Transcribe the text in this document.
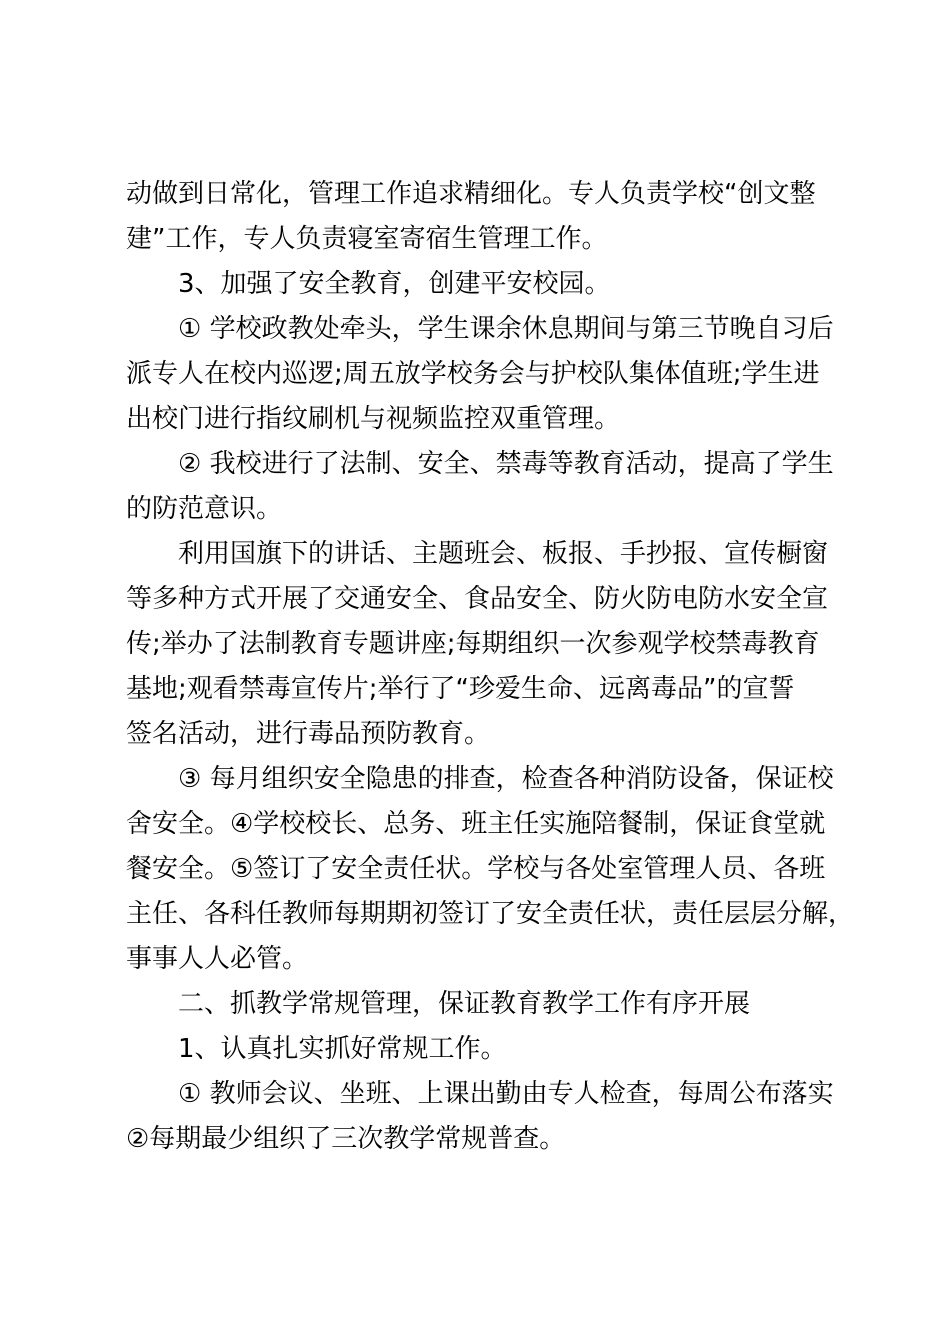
动做到日常化，管理工作追求精细化。专人负责学校“创文整

建”工作，专人负责寝室寄宿生管理工作。

3、加强了安全教育，创建平安校园。

① 学校政教处牵头，学生课余休息期间与第三节晚自习后

派专人在校内巡逻;周五放学校务会与护校队集体值班;学生进

出校门进行指纹刷机与视频监控双重管理。

② 我校进行了法制、安全、禁毒等教育活动，提高了学生

的防范意识。

利用国旗下的讲话、主题班会、板报、手抄报、宣传橱窗

等多种方式开展了交通安全、食品安全、防火防电防水安全宣

传;举办了法制教育专题讲座;每期组织一次参观学校禁毒教育

基地;观看禁毒宣传片;举行了“珍爱生命、远离毒品”的宣誓

签名活动，进行毒品预防教育。

③ 每月组织安全隐患的排查，检查各种消防设备，保证校

舍安全。④学校校长、总务、班主任实施陪餐制，保证食堂就

餐安全。⑤签订了安全责任状。学校与各处室管理人员、各班

主任、各科任教师每期期初签订了安全责任状，责任层层分解，

事事人人必管。

二、抓教学常规管理，保证教育教学工作有序开展

1、认真扎实抓好常规工作。

① 教师会议、坐班、上课出勤由专人检查，每周公布落实

②每期最少组织了三次教学常规普查。
